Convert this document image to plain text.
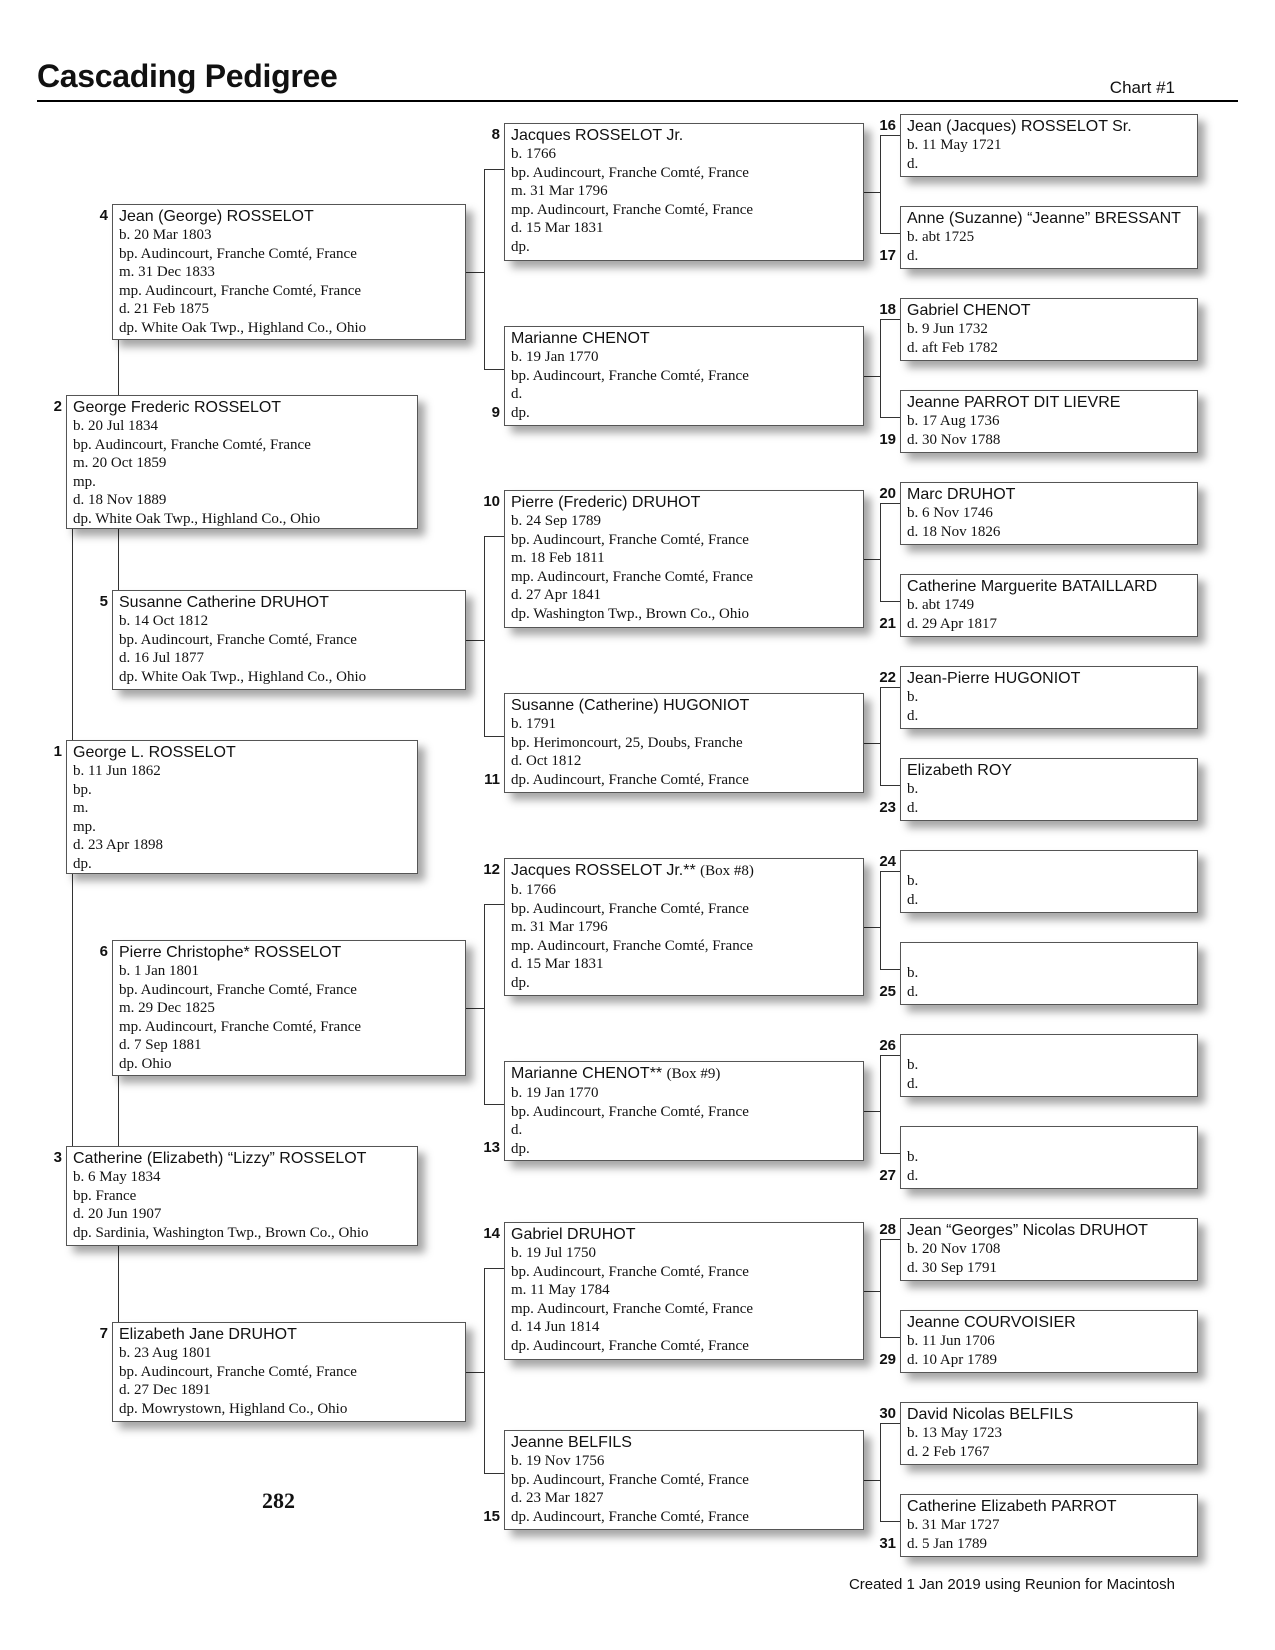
Cascading Pedigree	Chart #1
George L. ROSSELOT
b. 11 Jun 1862
bp.
m.
mp.
d. 23 Apr 1898
dp.
1
George Frederic ROSSELOT
b. 20 Jul 1834
bp. Audincourt, Franche Comté, France
m. 20 Oct 1859
mp.
d. 18 Nov 1889
dp. White Oak Twp., Highland Co., Ohio
2
Catherine (Elizabeth) “Lizzy” ROSSELOT
b. 6 May 1834
bp. France
d. 20 Jun 1907
dp. Sardinia, Washington Twp., Brown Co., Ohio
3
Jean (George) ROSSELOT
b. 20 Mar 1803
bp. Audincourt, Franche Comté, France
m. 31 Dec 1833
mp. Audincourt, Franche Comté, France
d. 21 Feb 1875
dp. White Oak Twp., Highland Co., Ohio
4
Susanne Catherine DRUHOT
b. 14 Oct 1812
bp. Audincourt, Franche Comté, France
d. 16 Jul 1877
dp. White Oak Twp., Highland Co., Ohio
5
Pierre Christophe* ROSSELOT
b. 1 Jan 1801
bp. Audincourt, Franche Comté, France
m. 29 Dec 1825
mp. Audincourt, Franche Comté, France
d. 7 Sep 1881
dp. Ohio
6
Elizabeth Jane DRUHOT
b. 23 Aug 1801
bp. Audincourt, Franche Comté, France
d. 27 Dec 1891
dp. Mowrystown, Highland Co., Ohio
7
Jacques ROSSELOT Jr.
b. 1766
bp. Audincourt, Franche Comté, France
m. 31 Mar 1796
mp. Audincourt, Franche Comté, France
d. 15 Mar 1831
dp.
8
Marianne CHENOT
b. 19 Jan 1770
bp. Audincourt, Franche Comté, France
d.
dp.
9
Pierre (Frederic) DRUHOT
b. 24 Sep 1789
bp. Audincourt, Franche Comté, France
m. 18 Feb 1811
mp. Audincourt, Franche Comté, France
d. 27 Apr 1841
dp. Washington Twp., Brown Co., Ohio
10
Susanne (Catherine) HUGONIOT
b. 1791
bp. Herimoncourt, 25, Doubs, Franche
d. Oct 1812
dp. Audincourt, Franche Comté, France
11
Jacques ROSSELOT Jr.** (Box #8)
b. 1766
bp. Audincourt, Franche Comté, France
m. 31 Mar 1796
mp. Audincourt, Franche Comté, France
d. 15 Mar 1831
dp.
12
Marianne CHENOT** (Box #9)
b. 19 Jan 1770
bp. Audincourt, Franche Comté, France
d.
dp.
13
Gabriel DRUHOT
b. 19 Jul 1750
bp. Audincourt, Franche Comté, France
m. 11 May 1784
mp. Audincourt, Franche Comté, France
d. 14 Jun 1814
dp. Audincourt, Franche Comté, France
14
Jeanne BELFILS
b. 19 Nov 1756
bp. Audincourt, Franche Comté, France
d. 23 Mar 1827
dp. Audincourt, Franche Comté, France
15
Jean (Jacques) ROSSELOT Sr.
b. 11 May 1721
d.
16
Anne (Suzanne) “Jeanne” BRESSANT
b. abt 1725
d.
17
Gabriel CHENOT
b. 9 Jun 1732
d. aft Feb 1782
18
Jeanne PARROT DIT LIEVRE
b. 17 Aug 1736
d. 30 Nov 1788
19
Marc DRUHOT
b. 6 Nov 1746
d. 18 Nov 1826
20
Catherine Marguerite BATAILLARD
b. abt 1749
d. 29 Apr 1817
21
Jean-Pierre HUGONIOT
b.
d.
22
Elizabeth ROY
b.
d.
23

b.
d.
24

b.
d.
25

b.
d.
26

b.
d.
27
Jean “Georges” Nicolas DRUHOT
b. 20 Nov 1708
d. 30 Sep 1791
28
Jeanne COURVOISIER
b. 11 Jun 1706
d. 10 Apr 1789
29
David Nicolas BELFILS
b. 13 May 1723
d. 2 Feb 1767
30
Catherine Elizabeth PARROT
b. 31 Mar 1727
d. 5 Jan 1789
31
282
Created 1 Jan 2019 using Reunion for Macintosh
